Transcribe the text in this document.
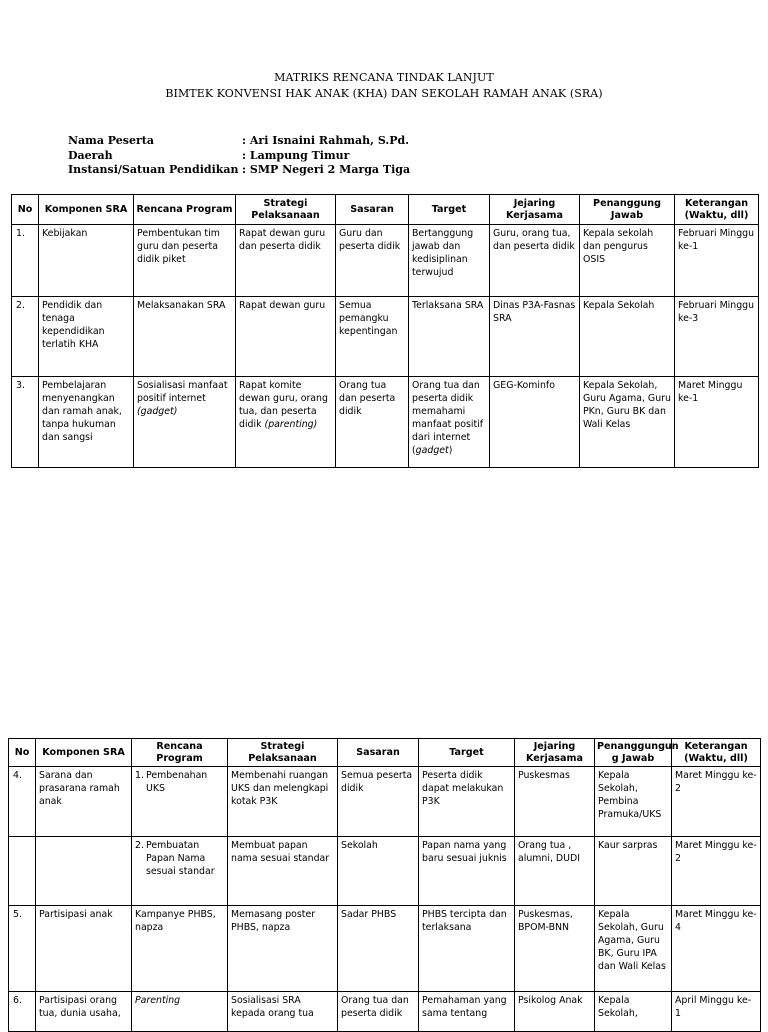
MATRIKS RENCANA TINDAK LANJUT
BIMTEK KONVENSI HAK ANAK (KHA) DAN SEKOLAH RAMAH ANAK (SRA)
Nama Peserta	: Ari Isnaini Rahmah, S.Pd.
Daerah	: Lampung Timur
Instansi/Satuan Pendidikan : SMP Negeri 2 Marga Tiga
No	Komponen SRA	Rencana Program	Strategi Pelaksanaan	Sasaran	Target	Jejaring Kerjasama	Penanggung Jawab	Keterangan (Waktu, dll)
1.	Kebijakan	Pembentukan tim guru dan peserta didik piket	Rapat dewan guru dan peserta didik	Guru dan peserta didik	Bertanggung jawab dan kedisiplinan terwujud	Guru, orang tua, dan peserta didik	Kepala sekolah dan pengurus OSIS	Februari Minggu ke-1
2.	Pendidik dan tenaga kependidikan terlatih KHA	Melaksanakan SRA	Rapat dewan guru	Semua pemangku kepentingan	Terlaksana SRA	Dinas P3A-Fasnas SRA	Kepala Sekolah	Februari Minggu ke-3
3.	Pembelajaran menyenangkan dan ramah anak, tanpa hukuman dan sangsi	Sosialisasi manfaat positif internet (gadget)	Rapat komite dewan guru, orang tua, dan peserta didik (parenting)	Orang tua dan peserta didik	Orang tua dan peserta didik memahami manfaat positif dari internet (gadget)	GEG-Kominfo	Kepala Sekolah, Guru Agama, Guru PKn, Guru BK dan Wali Kelas	Maret Minggu ke-1
No	Komponen SRA	Rencana Program	Strategi Pelaksanaan	Sasaran	Target	Jejaring Kerjasama	Penanggungun g Jawab	Keterangan (Waktu, dll)
4.	Sarana dan prasarana ramah anak	1. Pembenahan UKS	Membenahi ruangan UKS dan melengkapi kotak P3K	Semua peserta didik	Peserta didik dapat melakukan P3K	Puskesmas	Kepala Sekolah, Pembina Pramuka/UKS	Maret Minggu ke-2

		2. Pembuatan Papan Nama sesuai standar	Membuat papan nama sesuai standar	Sekolah	Papan nama yang baru sesuai juknis	Orang tua , alumni, DUDI	Kaur sarpras	Maret Minggu ke-2
5.	Partisipasi anak	Kampanye PHBS, napza	Memasang poster PHBS, napza	Sadar PHBS	PHBS tercipta dan terlaksana	Puskesmas, BPOM-BNN	Kepala Sekolah, Guru Agama, Guru BK, Guru IPA dan Wali Kelas	Maret Minggu ke-4
6.	Partisipasi orang tua, dunia usaha,	Parenting	Sosialisasi SRA kepada orang tua	Orang tua dan peserta didik	Pemahaman yang sama tentang	Psikolog Anak	Kepala Sekolah,	April Minggu ke-1
